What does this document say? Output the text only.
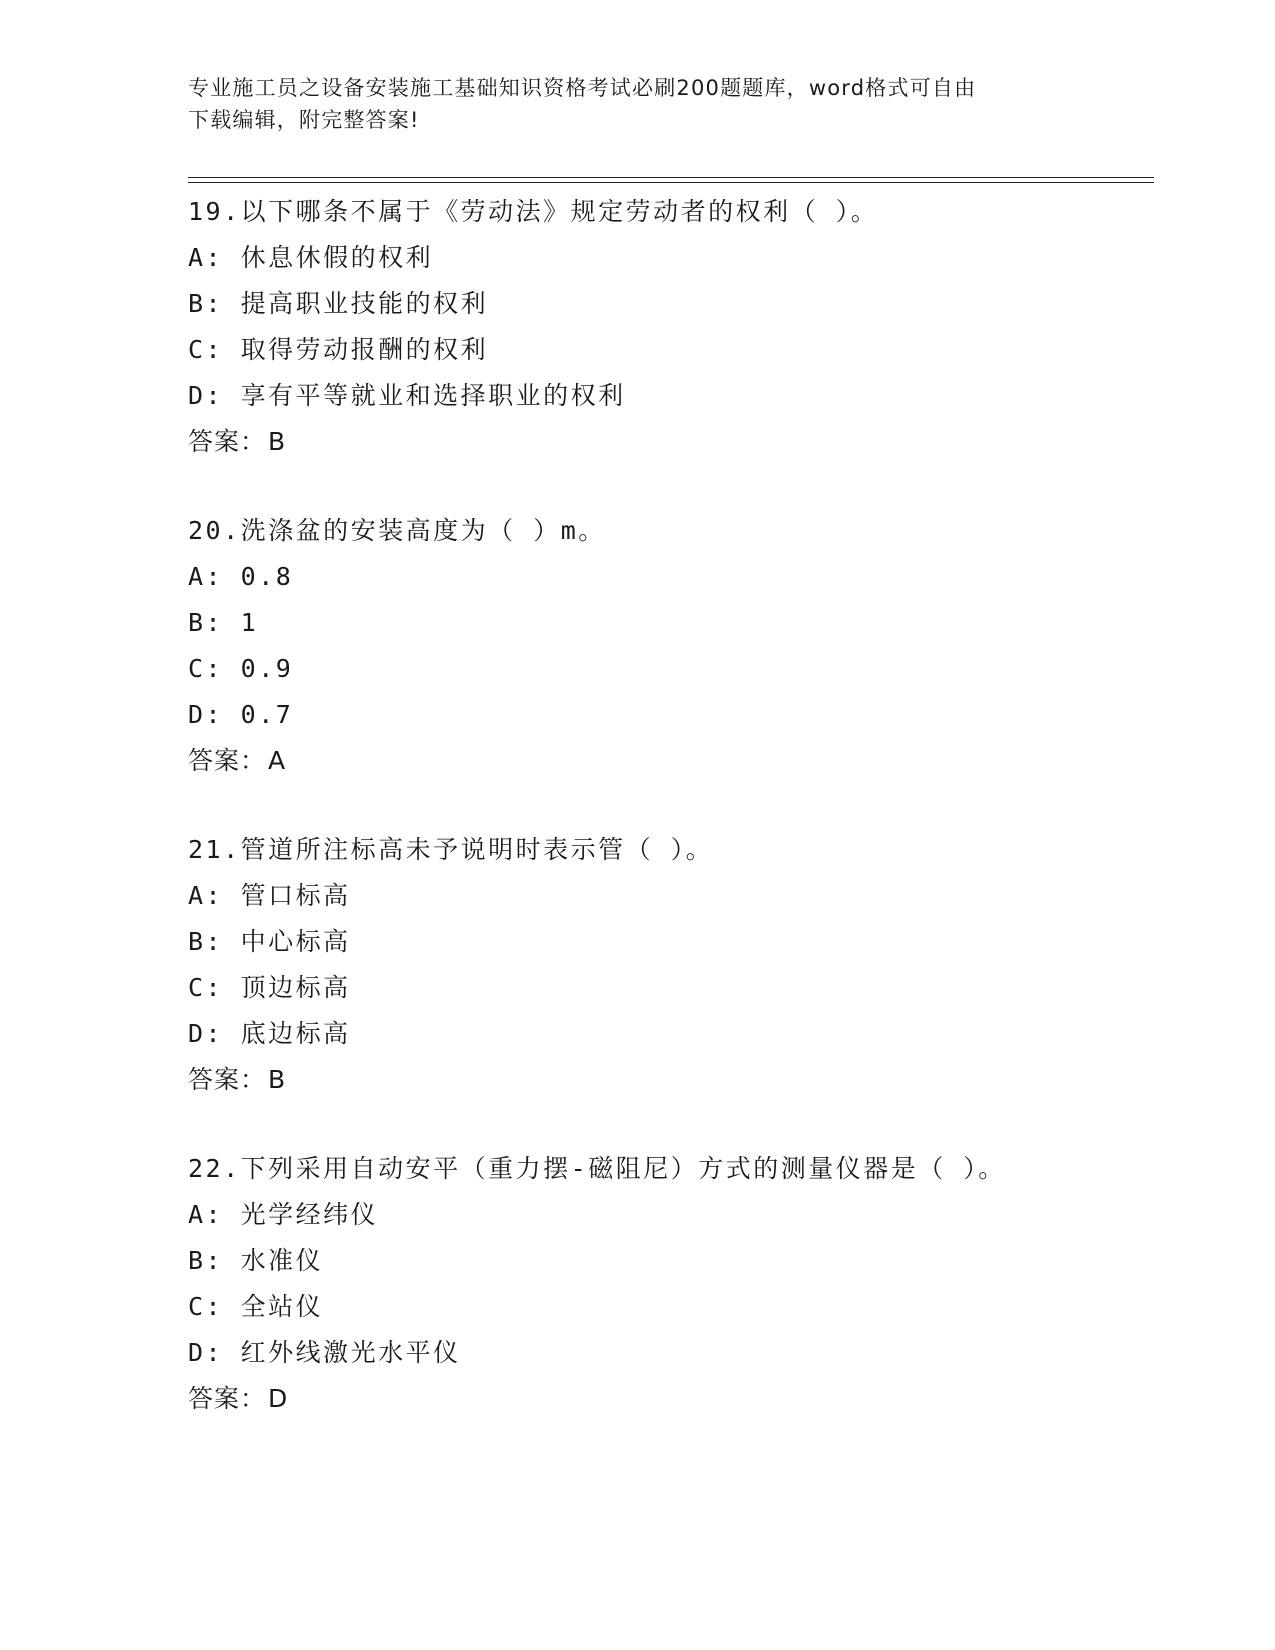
专业施工员之设备安装施工基础知识资格考试必刷200题题库，word格式可自由
下载编辑，附完整答案!
19.以下哪条不属于《劳动法》规定劳动者的权利（ ）。
A: 休息休假的权利
B: 提高职业技能的权利
C: 取得劳动报酬的权利
D: 享有平等就业和选择职业的权利
答案：B
20.洗涤盆的安装高度为（ ）m。
A: 0.8
B: 1
C: 0.9
D: 0.7
答案：A
21.管道所注标高未予说明时表示管（ ）。
A: 管口标高
B: 中心标高
C: 顶边标高
D: 底边标高
答案：B
22.下列采用自动安平（重力摆-磁阻尼）方式的测量仪器是（ ）。
A: 光学经纬仪
B: 水准仪
C: 全站仪
D: 红外线激光水平仪
答案：D
